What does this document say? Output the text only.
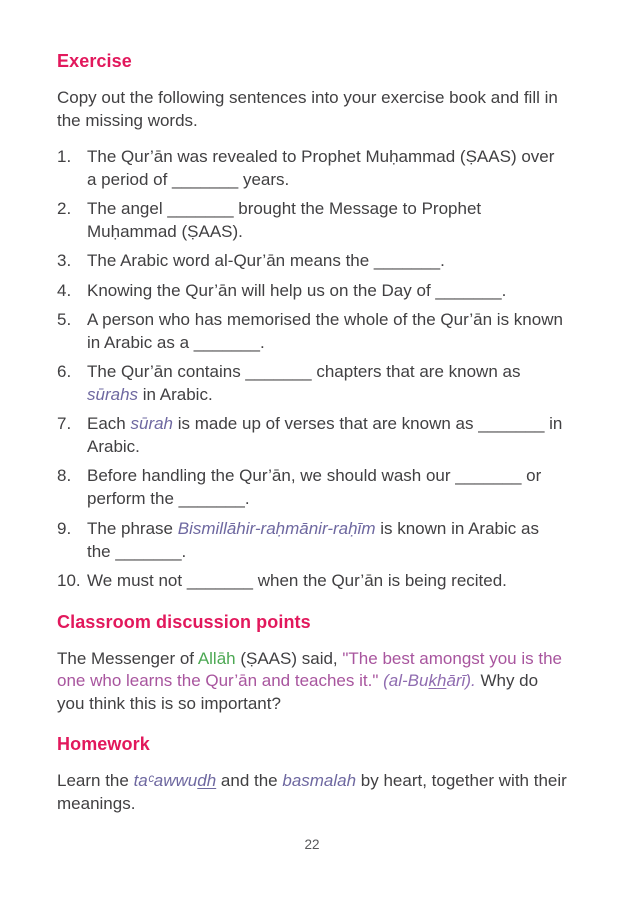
Exercise

Copy out the following sentences into your exercise book and fill in the missing words.

1. The Qur’ān was revealed to Prophet Muḥammad (ṢAAS) over a period of _______ years.
2. The angel _______ brought the Message to Prophet Muḥammad (ṢAAS).
3. The Arabic word al-Qur’ān means the _______.
4. Knowing the Qur’ān will help us on the Day of _______.
5. A person who has memorised the whole of the Qur’ān is known in Arabic as a _______.
6. The Qur’ān contains _______ chapters that are known as sūrahs in Arabic.
7. Each sūrah is made up of verses that are known as _______ in Arabic.
8. Before handling the Qur’ān, we should wash our _______ or perform the _______.
9. The phrase Bismillāhir-raḥmānir-raḥīm is known in Arabic as the _______.
10. We must not _______ when the Qur’ān is being recited.
Classroom discussion points

The Messenger of Allāh (ṢAAS) said, "The best amongst you is the one who learns the Qur’ān and teaches it." (al-Bukhārī). Why do you think this is so important?

Homework

Learn the taᶜawwudh and the basmalah by heart, together with their meanings.

22
